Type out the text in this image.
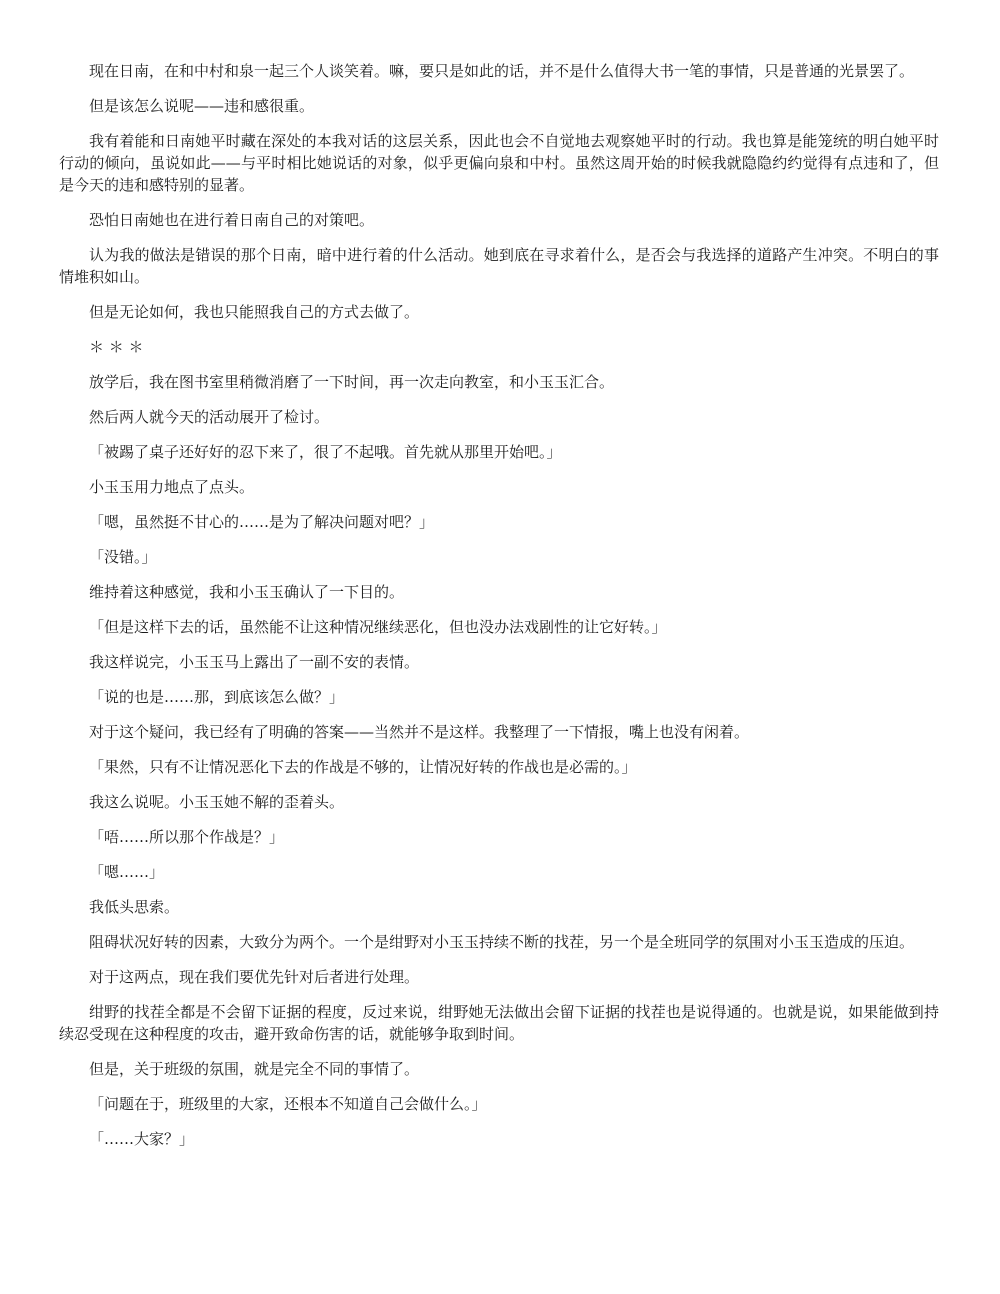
现在日南，在和中村和泉一起三个人谈笑着。嘛，要只是如此的话，并不是什么值得大书一笔的事情，只是普通的光景罢了。

但是该怎么说呢——违和感很重。

我有着能和日南她平时藏在深处的本我对话的这层关系，因此也会不自觉地去观察她平时的行动。我也算是能笼统的明白她平时行动的倾向，虽说如此——与平时相比她说话的对象，似乎更偏向泉和中村。虽然这周开始的时候我就隐隐约约觉得有点违和了，但是今天的违和感特别的显著。

恐怕日南她也在进行着日南自己的对策吧。

认为我的做法是错误的那个日南，暗中进行着的什么活动。她到底在寻求着什么，是否会与我选择的道路产生冲突。不明白的事情堆积如山。

但是无论如何，我也只能照我自己的方式去做了。

＊ ＊ ＊

放学后，我在图书室里稍微消磨了一下时间，再一次走向教室，和小玉玉汇合。

然后两人就今天的活动展开了检讨。

「被踢了桌子还好好的忍下来了，很了不起哦。首先就从那里开始吧。」

小玉玉用力地点了点头。

「嗯，虽然挺不甘心的……是为了解决问题对吧？」

「没错。」

维持着这种感觉，我和小玉玉确认了一下目的。

「但是这样下去的话，虽然能不让这种情况继续恶化，但也没办法戏剧性的让它好转。」

我这样说完，小玉玉马上露出了一副不安的表情。

「说的也是……那，到底该怎么做？」

对于这个疑问，我已经有了明确的答案——当然并不是这样。我整理了一下情报，嘴上也没有闲着。

「果然，只有不让情况恶化下去的作战是不够的，让情况好转的作战也是必需的。」

我这么说呢。小玉玉她不解的歪着头。

「唔……所以那个作战是？」

「嗯……」

我低头思索。

阻碍状况好转的因素，大致分为两个。一个是绀野对小玉玉持续不断的找茬，另一个是全班同学的氛围对小玉玉造成的压迫。

对于这两点，现在我们要优先针对后者进行处理。

绀野的找茬全都是不会留下证据的程度，反过来说，绀野她无法做出会留下证据的找茬也是说得通的。也就是说，如果能做到持续忍受现在这种程度的攻击，避开致命伤害的话，就能够争取到时间。

但是，关于班级的氛围，就是完全不同的事情了。

「问题在于，班级里的大家，还根本不知道自己会做什么。」

「……大家？」
